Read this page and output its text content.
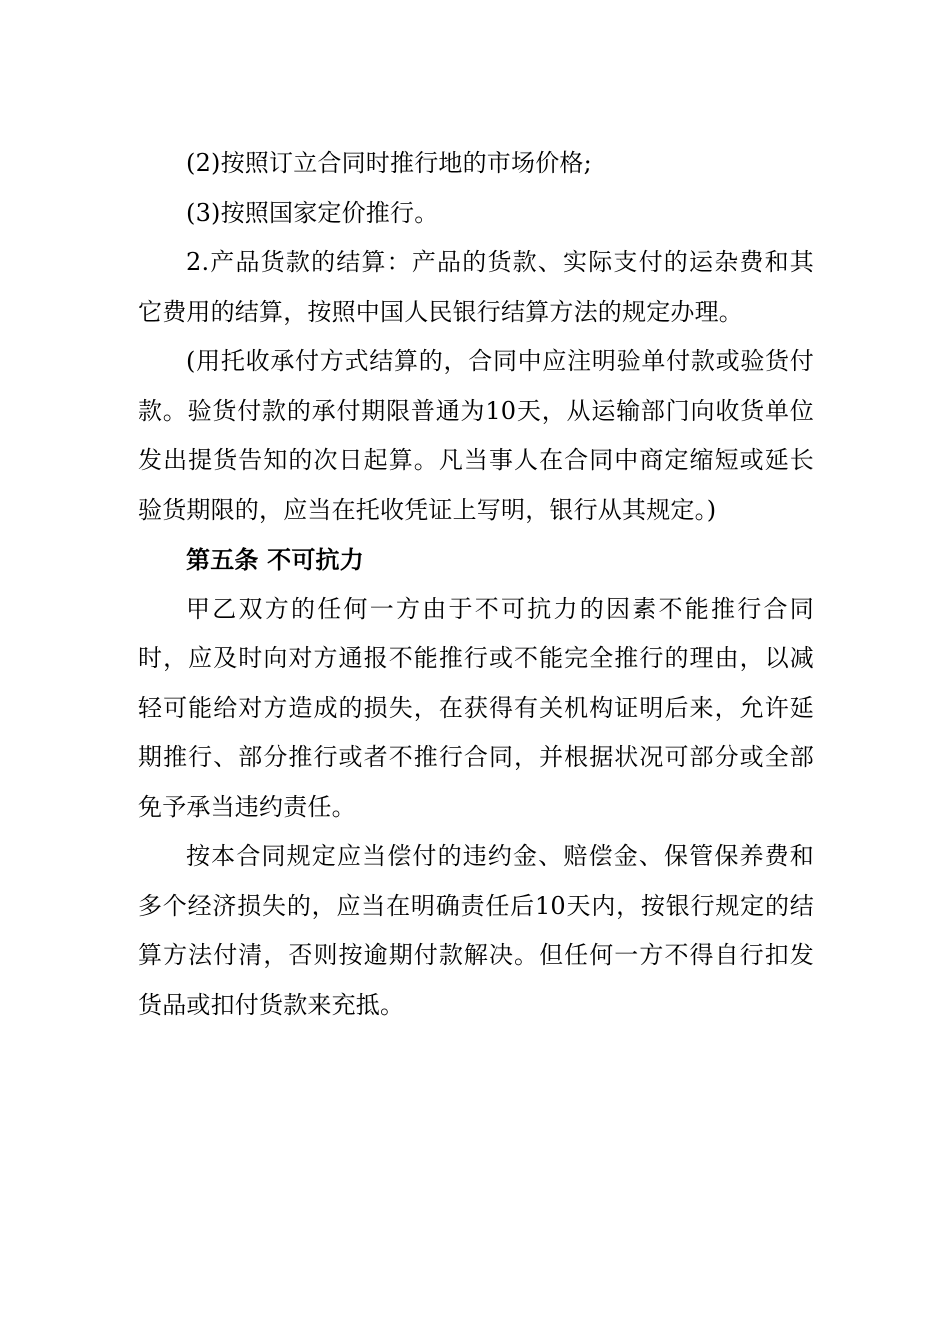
(2)按照订立合同时推行地的市场价格;

(3)按照国家定价推行。

2.产品货款的结算：产品的货款、实际支付的运杂费和其它费用的结算，按照中国人民银行结算方法的规定办理。

(用托收承付方式结算的，合同中应注明验单付款或验货付款。验货付款的承付期限普通为10天，从运输部门向收货单位发出提货告知的次日起算。凡当事人在合同中商定缩短或延长验货期限的，应当在托收凭证上写明，银行从其规定。)

第五条 不可抗力

甲乙双方的任何一方由于不可抗力的因素不能推行合同时，应及时向对方通报不能推行或不能完全推行的理由，以减轻可能给对方造成的损失，在获得有关机构证明后来，允许延期推行、部分推行或者不推行合同，并根据状况可部分或全部免予承当违约责任。

按本合同规定应当偿付的违约金、赔偿金、保管保养费和多个经济损失的，应当在明确责任后10天内，按银行规定的结算方法付清，否则按逾期付款解决。但任何一方不得自行扣发货品或扣付货款来充抵。
